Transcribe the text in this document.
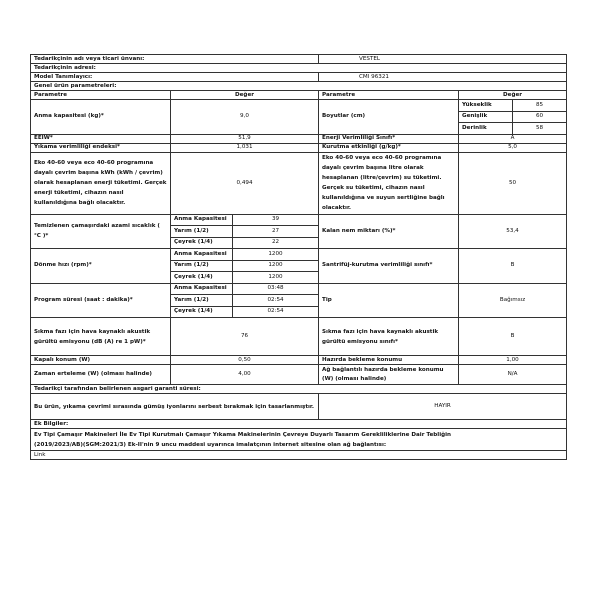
Tedarikçinin adı veya ticari ünvanı:			VESTEL		
Tedarikçinin adresi:					
Model Tanımlayıcı:			CMI 96321		
Genel ürün parametreleri:					
Parametre	Değer		Parametre	Değer	
Anma kapasitesi (kg)*	9,0		Boyutlar (cm)	Yükseklik	85
				Genişlik	60
				Derinlik	58
EEIW*	51,9		Enerji Verimliliği Sınıfı*	A	
Yıkama verimliliği endeksi*	1,031		Kurutma etkinliği (g/kg)*	5,0	
Eko 40-60 veya eco 40-60 programına dayalı çevrim başına kWh (kWh / çevrim) olarak hesaplanan enerji tüketimi. Gerçek enerji tüketimi, cihazın nasıl kullanıldığına bağlı olacaktır.	0,494		Eko 40-60 veya eco 40-60 programına dayalı çevrim başına litre olarak hesaplanan (litre/çevrim) su tüketimi. Gerçek su tüketimi, cihazın nasıl kullanıldığına ve suyun sertliğine bağlı olacaktır.	50	
Temizlenen çamaşırdaki azami sıcaklık ( °C )*	Anma Kapasitesi	39	Kalan nem miktarı (%)*	53,4	
	Yarım (1/2)	27			
	Çeyrek (1/4)	22			
Dönme hızı (rpm)*	Anma Kapasitesi	1200	Santrifüj-kurutma verimliliği sınıfı*	B	
	Yarım (1/2)	1200			
	Çeyrek (1/4)	1200			
Program süresi (saat : dakika)*	Anma Kapasitesi	03:48	Tip	Bağımsız	
	Yarım (1/2)	02:54			
	Çeyrek (1/4)	02:54			
Sıkma fazı için hava kaynaklı akustik gürültü emisyonu (dB (A) re 1 pW)*	76		Sıkma fazı için hava kaynaklı akustik gürültü emisyonu sınıfı*	B	
Kapalı konum (W)	0,50		Hazırda bekleme konumu	1,00	
Zaman erteleme (W) (olması halinde)	4,00		Ağ bağlantılı hazırda bekleme konumu (W) (olması halinde)	N/A	
Tedarikçi tarafından belirlenen asgari garanti süresi:					
Bu ürün, yıkama çevrimi sırasında gümüş iyonlarını serbest bırakmak için tasarlanmıştır.			HAYIR		
Ek Bilgiler:					

Ev Tipi Çamaşır Makineleri İle Ev Tipi Kurutmalı Çamaşır Yıkama Makinelerinin Çevreye Duyarlı Tasarım Gerekliliklerine Dair Tebliğin
(2019/2023/AB)(SGM:2021/3) Ek-II'nin 9 uncu maddesi uyarınca imalatçının internet sitesine olan ağ bağlantısı:					

Link					
